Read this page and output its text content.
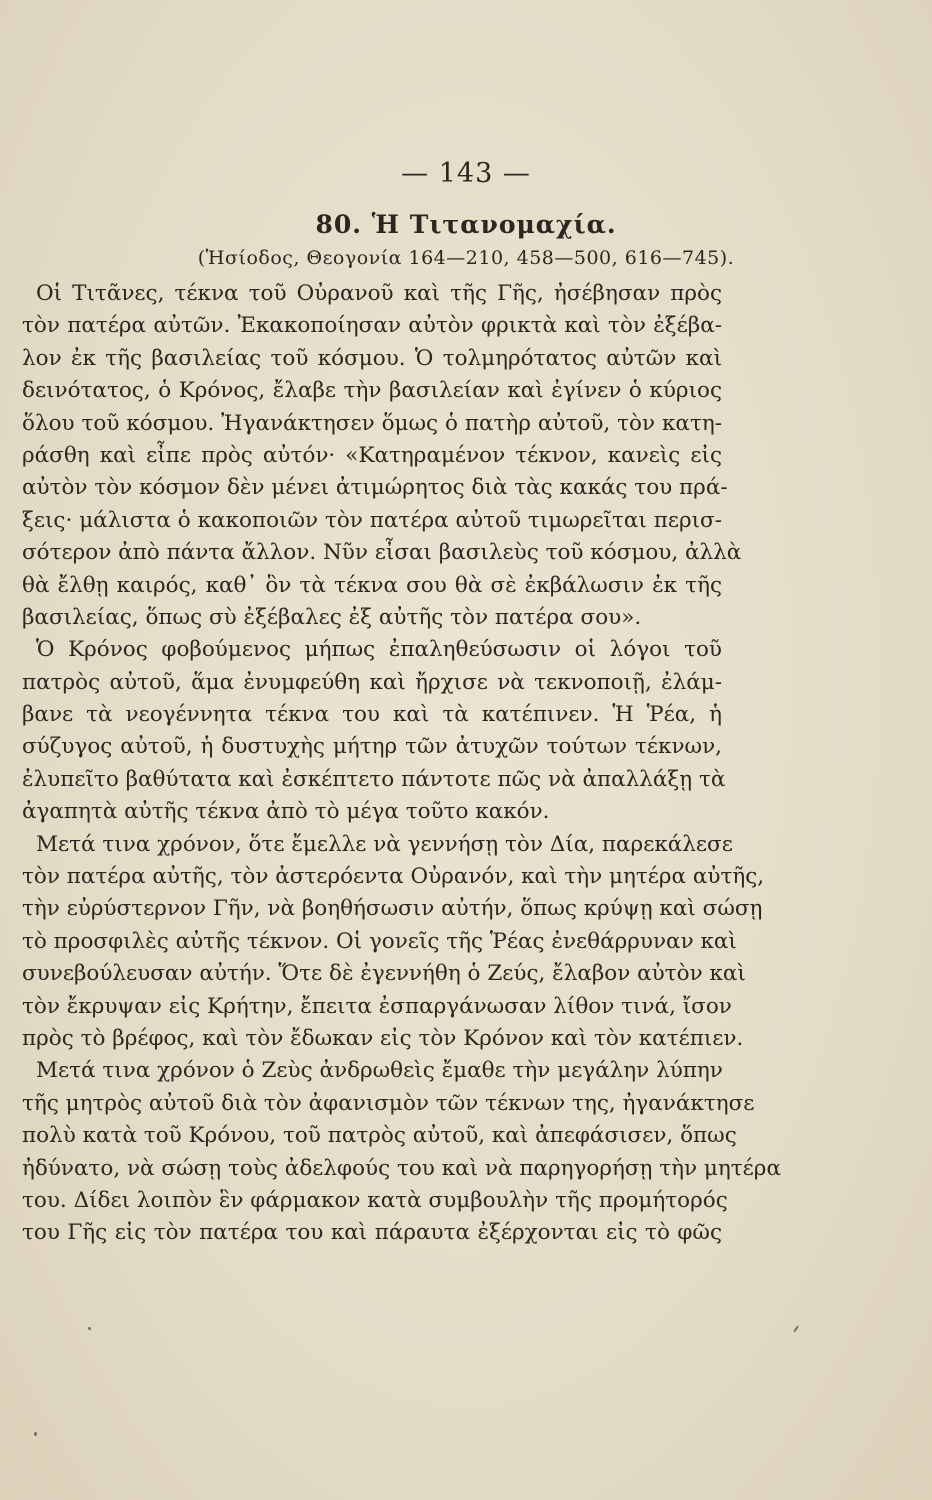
— 143 —
80. Ἡ Τιτανομαχία.
(Ἡσίοδος, Θεογονία 164—210, 458—500, 616—745).
Οἱ Τιτᾶνες, τέκνα τοῦ Οὐρανοῦ καὶ τῆς Γῆς, ἠσέβησαν πρὸς
τὸν πατέρα αὐτῶν. Ἐκακοποίησαν αὐτὸν φρικτὰ καὶ τὸν ἐξέβα-
λον ἐκ τῆς βασιλείας τοῦ κόσμου. Ὁ τολμηρότατος αὐτῶν καὶ
δεινότατος, ὁ Κρόνος, ἔλαβε τὴν βασιλείαν καὶ ἐγίνεν ὁ κύριος
ὅλου τοῦ κόσμου. Ἠγανάκτησεν ὅμως ὁ πατὴρ αὐτοῦ, τὸν κατη-
ράσθη καὶ εἶπε πρὸς αὐτόν· «Κατηραμένον τέκνον, κανεὶς εἰς
αὐτὸν τὸν κόσμον δὲν μένει ἀτιμώρητος διὰ τὰς κακάς του πρά-
ξεις· μάλιστα ὁ κακοποιῶν τὸν πατέρα αὐτοῦ τιμωρεῖται περισ-
σότερον ἀπὸ πάντα ἄλλον. Νῦν εἶσαι βασιλεὺς τοῦ κόσμου, ἀλλὰ
θὰ ἔλθῃ καιρός, καθ᾽ ὃν τὰ τέκνα σου θὰ σὲ ἐκβάλωσιν ἐκ τῆς
βασιλείας, ὅπως σὺ ἐξέβαλες ἐξ αὐτῆς τὸν πατέρα σου».
Ὁ Κρόνος φοβούμενος μήπως ἐπαληθεύσωσιν οἱ λόγοι τοῦ
πατρὸς αὐτοῦ, ἅμα ἐνυμφεύθη καὶ ἤρχισε νὰ τεκνοποιῇ, ἐλάμ-
βανε τὰ νεογέννητα τέκνα του καὶ τὰ κατέπινεν. Ἡ Ῥέα, ἡ
σύζυγος αὐτοῦ, ἡ δυστυχὴς μήτηρ τῶν ἀτυχῶν τούτων τέκνων,
ἐλυπεῖτο βαθύτατα καὶ ἐσκέπτετο πάντοτε πῶς νὰ ἀπαλλάξῃ τὰ
ἀγαπητὰ αὐτῆς τέκνα ἀπὸ τὸ μέγα τοῦτο κακόν.
Μετά τινα χρόνον, ὅτε ἔμελλε νὰ γεννήσῃ τὸν Δία, παρεκάλεσε
τὸν πατέρα αὐτῆς, τὸν ἀστερόεντα Οὐρανόν, καὶ τὴν μητέρα αὐτῆς,
τὴν εὐρύστερνον Γῆν, νὰ βοηθήσωσιν αὐτήν, ὅπως κρύψῃ καὶ σώσῃ
τὸ προσφιλὲς αὐτῆς τέκνον. Οἱ γονεῖς τῆς Ῥέας ἐνεθάρρυναν καὶ
συνεβούλευσαν αὐτήν. Ὅτε δὲ ἐγεννήθη ὁ Ζεύς, ἔλαβον αὐτὸν καὶ
τὸν ἔκρυψαν εἰς Κρήτην, ἔπειτα ἐσπαργάνωσαν λίθον τινά, ἴσον
πρὸς τὸ βρέφος, καὶ τὸν ἔδωκαν εἰς τὸν Κρόνον καὶ τὸν κατέπιεν.
Μετά τινα χρόνον ὁ Ζεὺς ἀνδρωθεὶς ἔμαθε τὴν μεγάλην λύπην
τῆς μητρὸς αὐτοῦ διὰ τὸν ἀφανισμὸν τῶν τέκνων της, ἠγανάκτησε
πολὺ κατὰ τοῦ Κρόνου, τοῦ πατρὸς αὐτοῦ, καὶ ἀπεφάσισεν, ὅπως
ἠδύνατο, νὰ σώσῃ τοὺς ἀδελφούς του καὶ νὰ παρηγορήσῃ τὴν μητέρα
του. Δίδει λοιπὸν ἓν φάρμακον κατὰ συμβουλὴν τῆς προμήτορός
του Γῆς εἰς τὸν πατέρα του καὶ πάραυτα ἐξέρχονται εἰς τὸ φῶς
